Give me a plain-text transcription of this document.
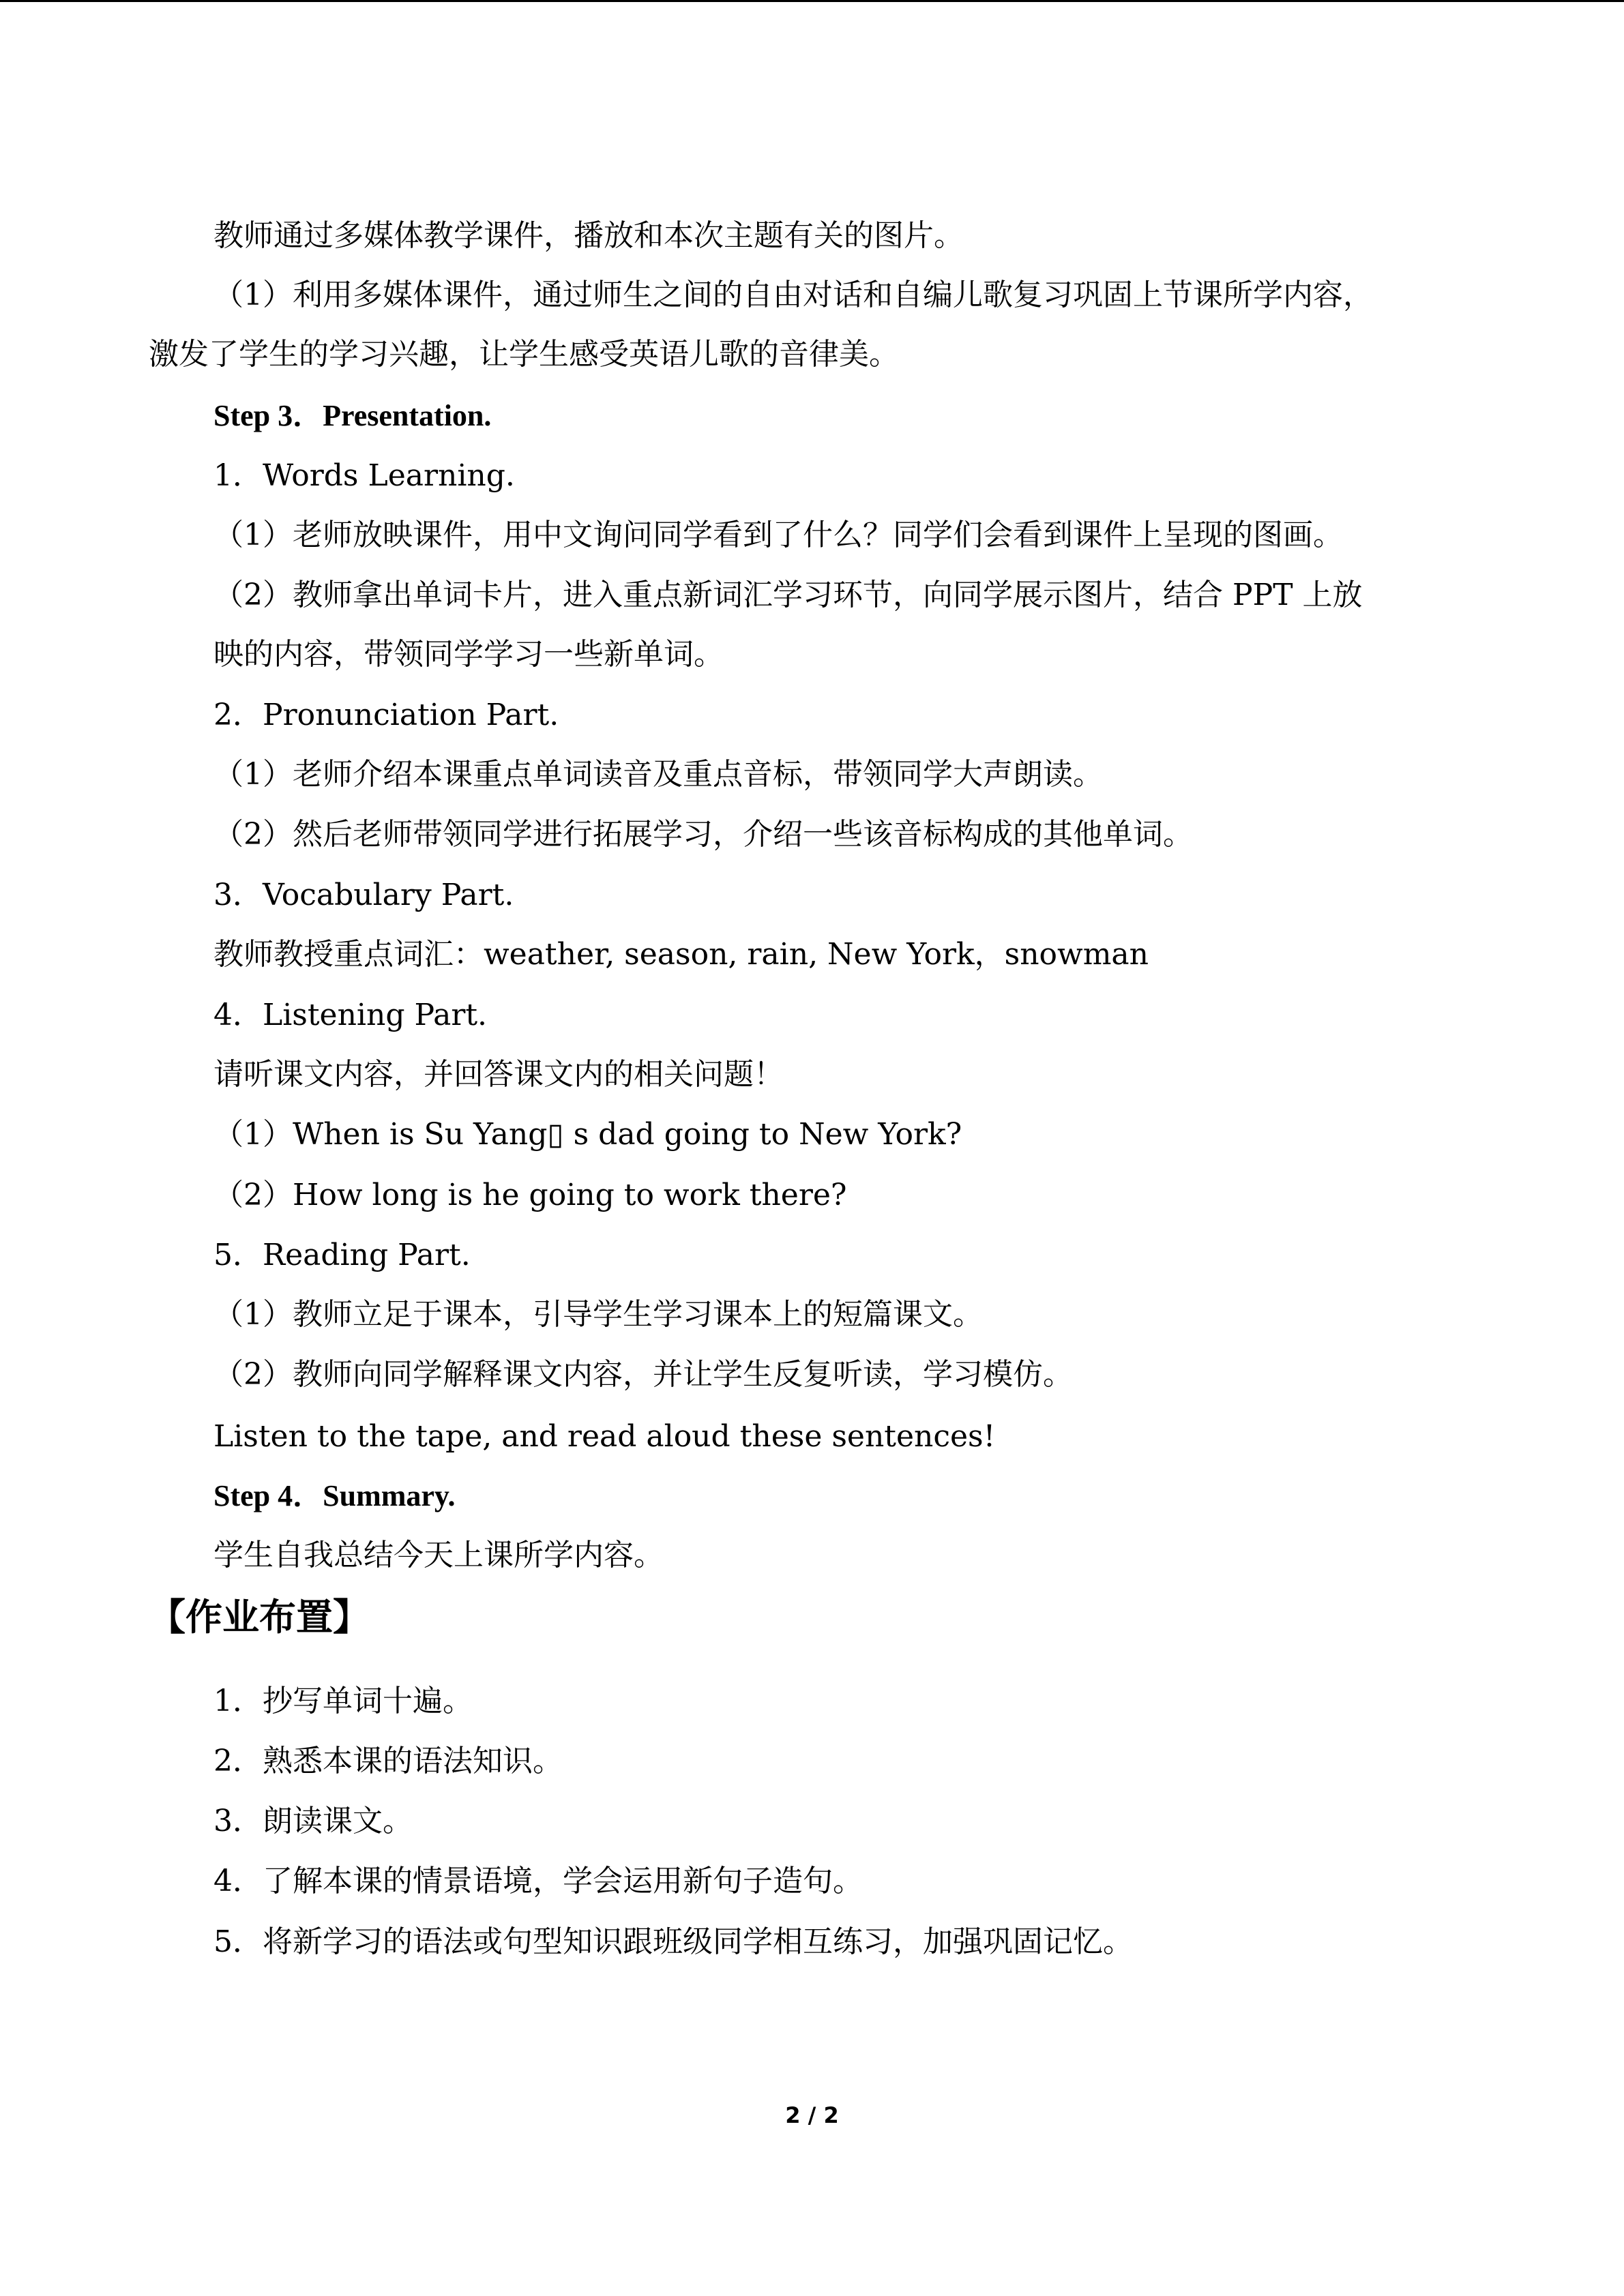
教师通过多媒体教学课件，播放和本次主题有关的图片。
（1）利用多媒体课件，通过师生之间的自由对话和自编儿歌复习巩固上节课所学内容，
激发了学生的学习兴趣，让学生感受英语儿歌的音律美。
Step 3．Presentation.
1．Words Learning.
（1）老师放映课件，用中文询问同学看到了什么？同学们会看到课件上呈现的图画。
（2）教师拿出单词卡片，进入重点新词汇学习环节，向同学展示图片，结合 PPT 上放
映的内容，带领同学学习一些新单词。
2．Pronunciation Part.
（1）老师介绍本课重点单词读音及重点音标，带领同学大声朗读。
（2）然后老师带领同学进行拓展学习，介绍一些该音标构成的其他单词。
3．Vocabulary Part.
教师教授重点词汇：weather, season, rain, New York，snowman
4．Listening Part.
请听课文内容，并回答课文内的相关问题！
（1）When is Su Yang▯ s dad going to New York?
（2）How long is he going to work there?
5．Reading Part.
（1）教师立足于课本，引导学生学习课本上的短篇课文。
（2）教师向同学解释课文内容，并让学生反复听读，学习模仿。
Listen to the tape, and read aloud these sentences!
Step 4．Summary.
学生自我总结今天上课所学内容。
【作业布置】
1．抄写单词十遍。
2．熟悉本课的语法知识。
3．朗读课文。
4．了解本课的情景语境，学会运用新句子造句。
5．将新学习的语法或句型知识跟班级同学相互练习，加强巩固记忆。
2 / 2
